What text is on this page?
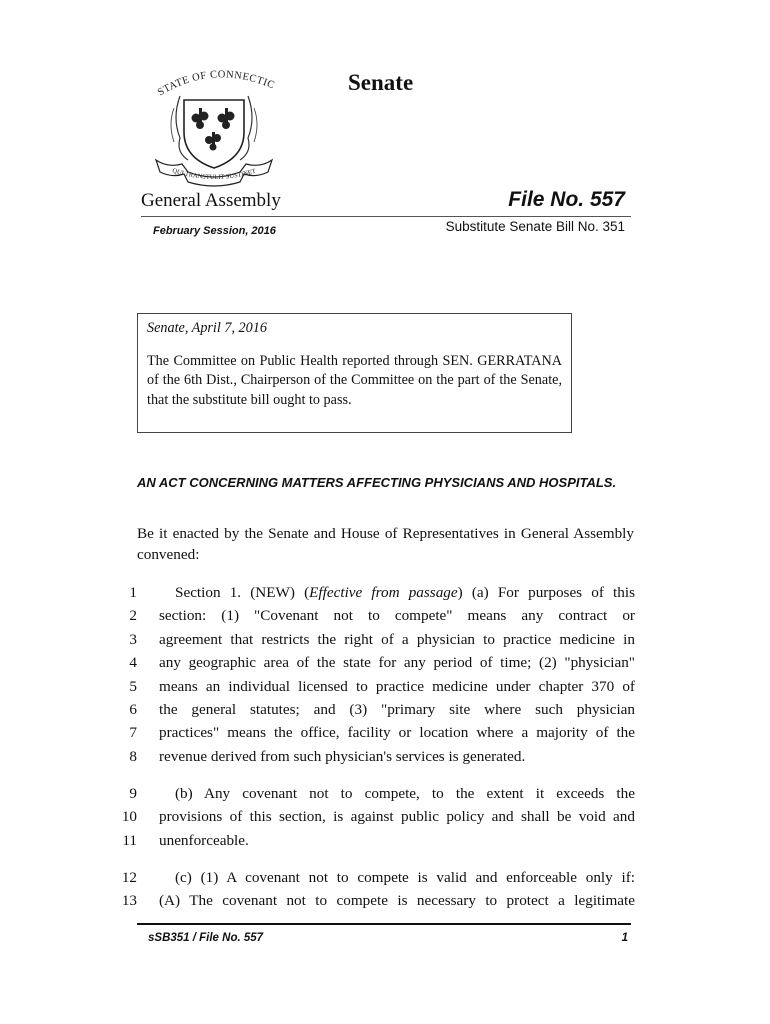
STATE OF CONNECTIC
QUI TRANSTULIT SUSTINET
Senate
General Assembly	File No. 557
February Session, 2016	Substitute Senate Bill No. 351
Senate, April 7, 2016
The Committee on Public Health reported through SEN. GERRATANA of the 6th Dist., Chairperson of the Committee on the part of the Senate, that the substitute bill ought to pass.
AN ACT CONCERNING MATTERS AFFECTING PHYSICIANS AND HOSPITALS.
Be it enacted by the Senate and House of Representatives in General Assembly convened:
1	Section 1. (NEW) (Effective from passage) (a) For purposes of this
2 section: (1) "Covenant not to compete" means any contract or
3 agreement that restricts the right of a physician to practice medicine in
4 any geographic area of the state for any period of time; (2) "physician"
5 means an individual licensed to practice medicine under chapter 370 of
6 the general statutes; and (3) "primary site where such physician
7 practices" means the office, facility or location where a majority of the
8 revenue derived from such physician's services is generated.
9	(b) Any covenant not to compete, to the extent it exceeds the
10 provisions of this section, is against public policy and shall be void and
11 unenforceable.
12	(c) (1) A covenant not to compete is valid and enforceable only if:
13 (A) The covenant not to compete is necessary to protect a legitimate
sSB351 / File No. 557	1
